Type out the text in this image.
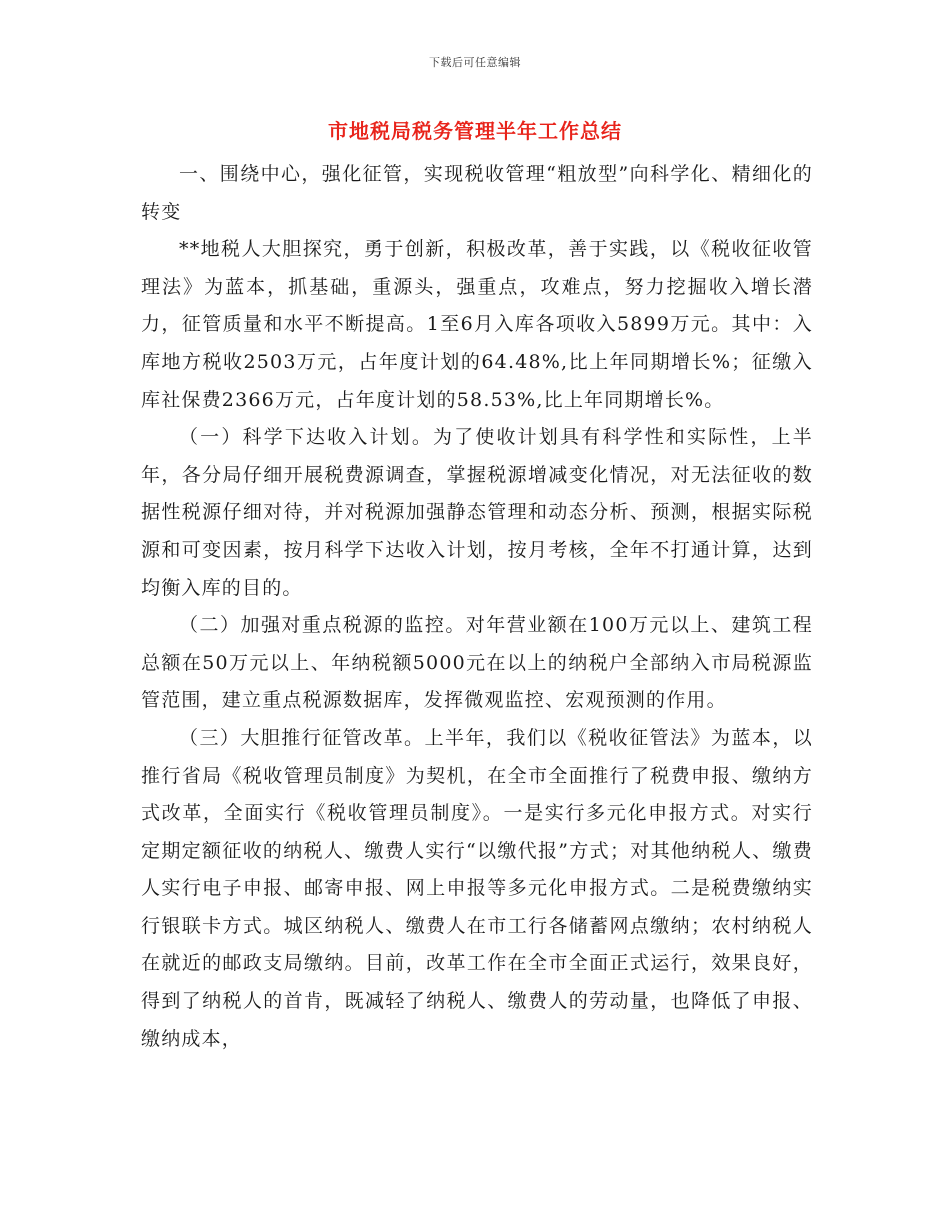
下载后可任意编辑
市地税局税务管理半年工作总结

一、围绕中心，强化征管，实现税收管理“粗放型”向科学化、精细化的转变

**地税人大胆探究，勇于创新，积极改革，善于实践，以《税收征收管理法》为蓝本，抓基础，重源头，强重点，攻难点，努力挖掘收入增长潜力，征管质量和水平不断提高。1至6月入库各项收入5899万元。其中：入库地方税收2503万元，占年度计划的64.48%,比上年同期增长%；征缴入库社保费2366万元，占年度计划的58.53%,比上年同期增长%。

（一）科学下达收入计划。为了使收计划具有科学性和实际性，上半年，各分局仔细开展税费源调查，掌握税源增减变化情况，对无法征收的数据性税源仔细对待，并对税源加强静态管理和动态分析、预测，根据实际税源和可变因素，按月科学下达收入计划，按月考核，全年不打通计算，达到均衡入库的目的。

（二）加强对重点税源的监控。对年营业额在100万元以上、建筑工程总额在50万元以上、年纳税额5000元在以上的纳税户全部纳入市局税源监管范围，建立重点税源数据库，发挥微观监控、宏观预测的作用。

（三）大胆推行征管改革。上半年，我们以《税收征管法》为蓝本，以推行省局《税收管理员制度》为契机，在全市全面推行了税费申报、缴纳方式改革，全面实行《税收管理员制度》。一是实行多元化申报方式。对实行定期定额征收的纳税人、缴费人实行“以缴代报”方式；对其他纳税人、缴费人实行电子申报、邮寄申报、网上申报等多元化申报方式。二是税费缴纳实行银联卡方式。城区纳税人、缴费人在市工行各储蓄网点缴纳；农村纳税人在就近的邮政支局缴纳。目前，改革工作在全市全面正式运行，效果良好，得到了纳税人的首肯，既减轻了纳税人、缴费人的劳动量，也降低了申报、缴纳成本，
